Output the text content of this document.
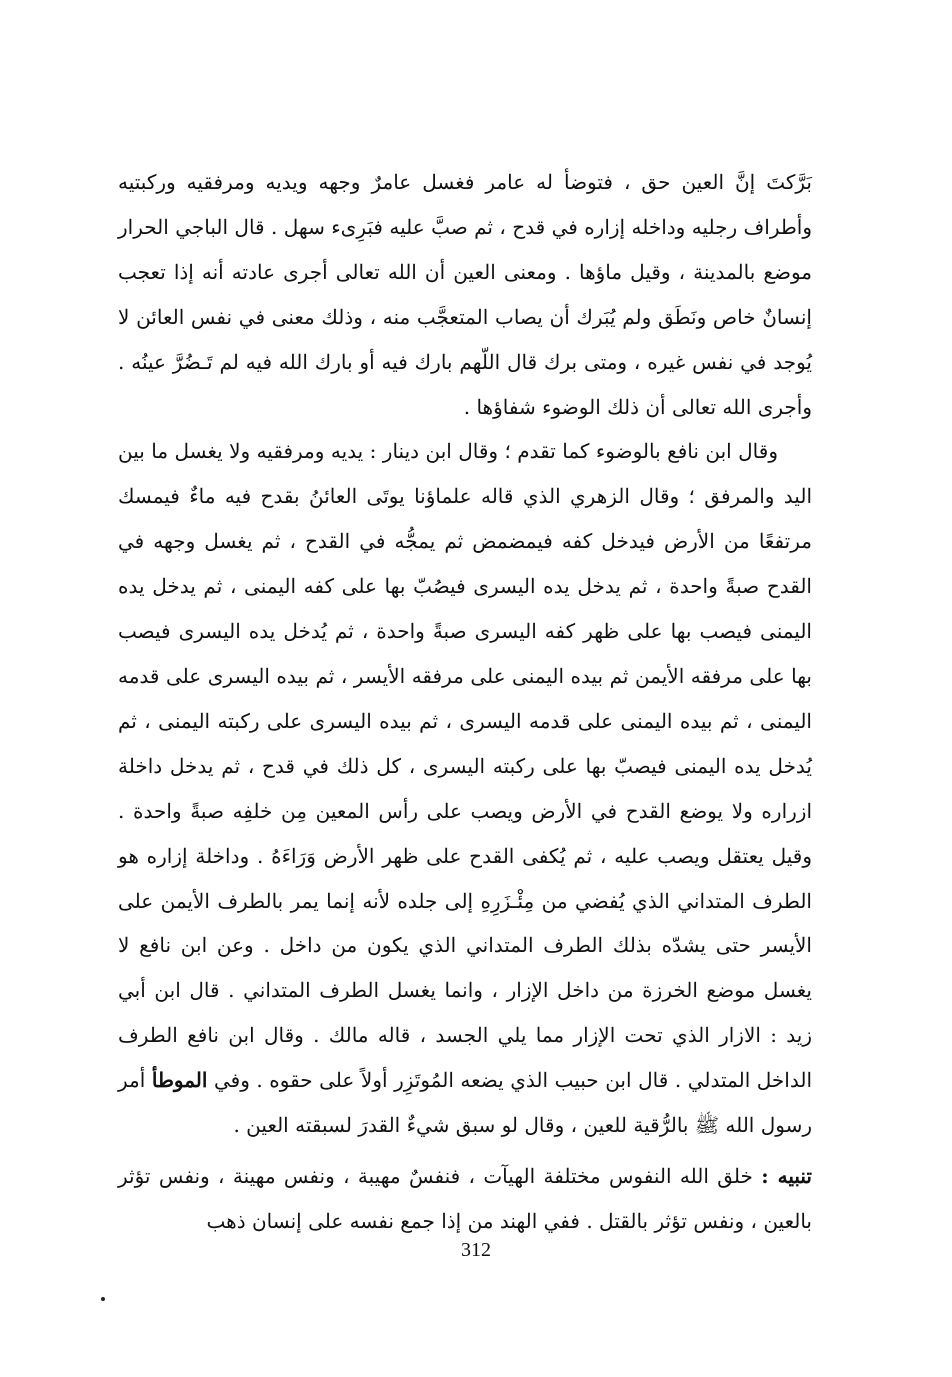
بَرَّكتَ إنَّ العين حق ، فتوضأ له عامر فغسل عامرٌ وجهه ويديه ومرفقيه وركبتيه وأطراف رجليه وداخله إزاره في قدح ، ثم صبَّ عليه فبَرِىء سهل . قال الباجي الحرار موضع بالمدينة ، وقيل ماؤها . ومعنى العين أن الله تعالى أجرى عادته أنه إذا تعجب إنسانٌ خاص ونَطَق ولم يُبَرك أن يصاب المتعجَّب منه ، وذلك معنى في نفس العائن لا يُوجد في نفس غيره ، ومتى برك قال اللّهم بارك فيه أو بارك الله فيه لم تَـضُرَّ عينُه . وأجرى الله تعالى أن ذلك الوضوء شفاؤها .

وقال ابن نافع بالوضوء كما تقدم ؛ وقال ابن دينار : يديه ومرفقيه ولا يغسل ما بين اليد والمرفق ؛ وقال الزهري الذي قاله علماؤنا يوتَى العائنُ بقدح فيه ماءٌ فيمسك مرتفعًا من الأرض فيدخل كفه فيمضمض ثم يمجُّه في القدح ، ثم يغسل وجهه في القدح صبةً واحدة ، ثم يدخل يده اليسرى فيصُبّ بها على كفه اليمنى ، ثم يدخل يده اليمنى فيصب بها على ظهر كفه اليسرى صبةً واحدة ، ثم يُدخل يده اليسرى فيصب بها على مرفقه الأيمن ثم بيده اليمنى على مرفقه الأيسر ، ثم بيده اليسرى على قدمه اليمنى ، ثم بيده اليمنى على قدمه اليسرى ، ثم بيده اليسرى على ركبته اليمنى ، ثم يُدخل يده اليمنى فيصبّ بها على ركبته اليسرى ، كل ذلك في قدح ، ثم يدخل داخلة ازراره ولا يوضع القدح في الأرض ويصب على رأس المعين مِن خلفِه صبةً واحدة . وقيل يعتقل ويصب عليه ، ثم يُكفى القدح على ظهر الأرض وَرَاءَهُ . وداخلة إزاره هو الطرف المتداني الذي يُفضي من مِئْـزَرِهِ إلى جلده لأنه إنما يمر بالطرف الأيمن على الأيسر حتى يشدّه بذلك الطرف المتداني الذي يكون من داخل . وعن ابن نافع لا يغسل موضع الخرزة من داخل الإزار ، وانما يغسل الطرف المتداني . قال ابن أبي زيد : الازار الذي تحت الإزار مما يلي الجسد ، قاله مالك . وقال ابن نافع الطرف الداخل المتدلي . قال ابن حبيب الذي يضعه المُوتَزِر أولاً على حقوه . وفي الموطأ أمر رسول الله ﷺ بالرُّقية للعين ، وقال لو سبق شيءٌ القدرَ لسبقته العين .

تنبيه : خلق الله النفوس مختلفة الهيآت ، فنفسٌ مهيبة ، ونفس مهينة ، ونفس تؤثر بالعين ، ونفس تؤثر بالقتل . ففي الهند من إذا جمع نفسه على إنسان ذهب

312
